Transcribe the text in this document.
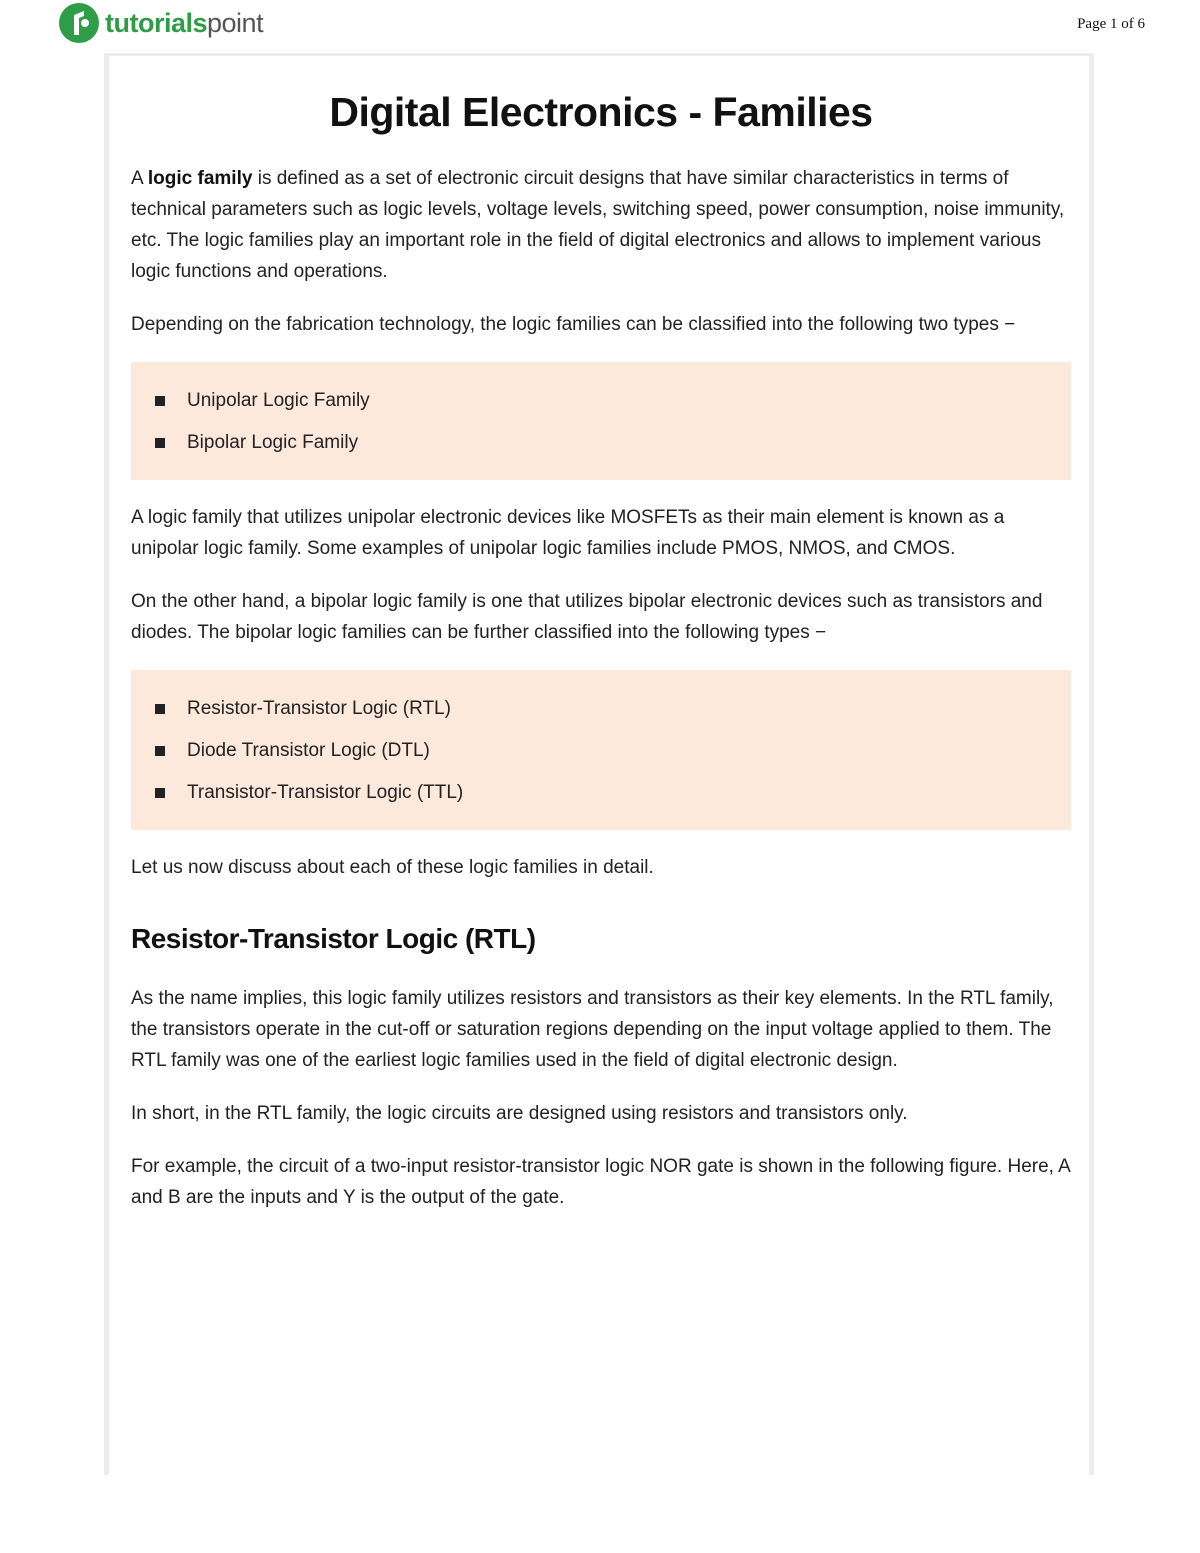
tutorialspoint	Page 1 of 6
Digital Electronics - Families

A logic family is defined as a set of electronic circuit designs that have similar characteristics in terms of technical parameters such as logic levels, voltage levels, switching speed, power consumption, noise immunity, etc. The logic families play an important role in the field of digital electronics and allows to implement various logic functions and operations.

Depending on the fabrication technology, the logic families can be classified into the following two types −

Unipolar Logic Family
Bipolar Logic Family

A logic family that utilizes unipolar electronic devices like MOSFETs as their main element is known as a unipolar logic family. Some examples of unipolar logic families include PMOS, NMOS, and CMOS.

On the other hand, a bipolar logic family is one that utilizes bipolar electronic devices such as transistors and diodes. The bipolar logic families can be further classified into the following types −

Resistor-Transistor Logic (RTL)
Diode Transistor Logic (DTL)
Transistor-Transistor Logic (TTL)

Let us now discuss about each of these logic families in detail.

Resistor-Transistor Logic (RTL)

As the name implies, this logic family utilizes resistors and transistors as their key elements. In the RTL family, the transistors operate in the cut-off or saturation regions depending on the input voltage applied to them. The RTL family was one of the earliest logic families used in the field of digital electronic design.

In short, in the RTL family, the logic circuits are designed using resistors and transistors only.

For example, the circuit of a two-input resistor-transistor logic NOR gate is shown in the following figure. Here, A and B are the inputs and Y is the output of the gate.
